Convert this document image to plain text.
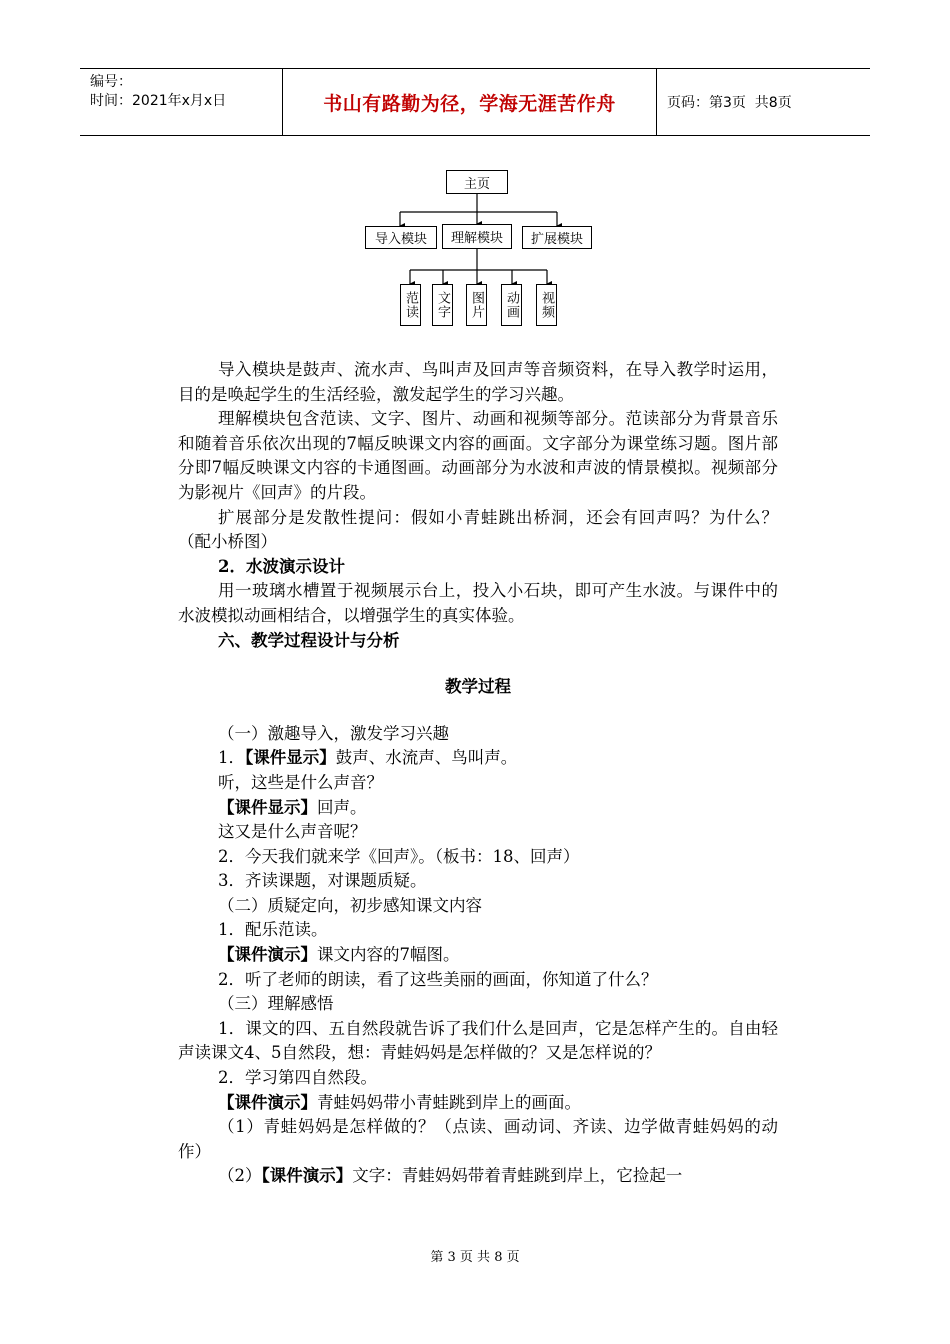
编号：
时间：2021年x月x日	书山有路勤为径，学海无涯苦作舟	页码：第3页  共8页
主页
导入模块	理解模块	扩展模块
范读 文字 图片 动画 视频

导入模块是鼓声、流水声、鸟叫声及回声等音频资料，在导入教学时运用，目的是唤起学生的生活经验，激发起学生的学习兴趣。

理解模块包含范读、文字、图片、动画和视频等部分。范读部分为背景音乐和随着音乐依次出现的7幅反映课文内容的画面。文字部分为课堂练习题。图片部分即7幅反映课文内容的卡通图画。动画部分为水波和声波的情景模拟。视频部分为影视片《回声》的片段。

扩展部分是发散性提问：假如小青蛙跳出桥洞，还会有回声吗？为什么？（配小桥图）

2．水波演示设计

用一玻璃水槽置于视频展示台上，投入小石块，即可产生水波。与课件中的水波模拟动画相结合，以增强学生的真实体验。

六、教学过程设计与分析

教学过程

（一）激趣导入，激发学习兴趣

1．【课件显示】鼓声、水流声、鸟叫声。

听，这些是什么声音？

【课件显示】回声。

这又是什么声音呢？

2．今天我们就来学《回声》。（板书：18、回声）

3．齐读课题，对课题质疑。

（二）质疑定向，初步感知课文内容

1．配乐范读。

【课件演示】课文内容的7幅图。

2．听了老师的朗读，看了这些美丽的画面，你知道了什么？

（三）理解感悟

1．课文的四、五自然段就告诉了我们什么是回声，它是怎样产生的。自由轻声读课文4、5自然段，想：青蛙妈妈是怎样做的？又是怎样说的？

2．学习第四自然段。

【课件演示】青蛙妈妈带小青蛙跳到岸上的画面。

（1）青蛙妈妈是怎样做的？（点读、画动词、齐读、边学做青蛙妈妈的动作）

（2）【课件演示】文字：青蛙妈妈带着青蛙跳到岸上，它捡起一

第 3 页 共 8 页
